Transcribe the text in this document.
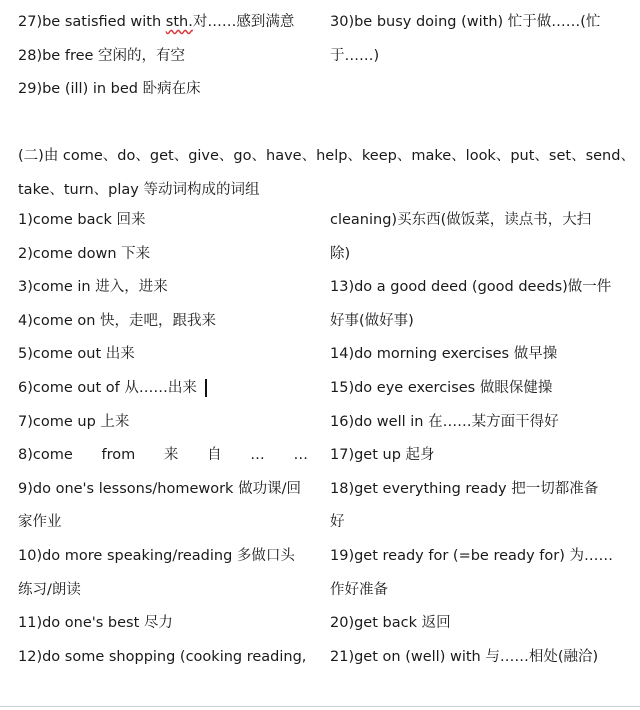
27)be satisfied with sth.对……感到满意
28)be free 空闲的，有空
29)be (ill) in bed 卧病在床
30)be busy doing (with) 忙于做……(忙
于……)
(二)由 come、do、get、give、go、have、help、keep、make、look、put、set、send、
take、turn、play 等动词构成的词组
1)come back 回来
2)come down 下来
3)come in 进入，进来
4)come on 快，走吧，跟我来
5)come out 出来
6)come out of 从……出来
7)come up 上来
8)come from 来 自 … …
9)do one's lessons/homework 做功课/回
家作业
10)do more speaking/reading 多做口头
练习/朗读
11)do one's best 尽力
12)do some shopping (cooking reading,
cleaning)买东西(做饭菜，读点书，大扫
除)
13)do a good deed (good deeds)做一件
好事(做好事)
14)do morning exercises 做早操
15)do eye exercises 做眼保健操
16)do well in 在……某方面干得好
17)get up 起身
18)get everything ready 把一切都准备
好
19)get ready for (=be ready for) 为……
作好准备
20)get back 返回
21)get on (well) with 与……相处(融洽)
